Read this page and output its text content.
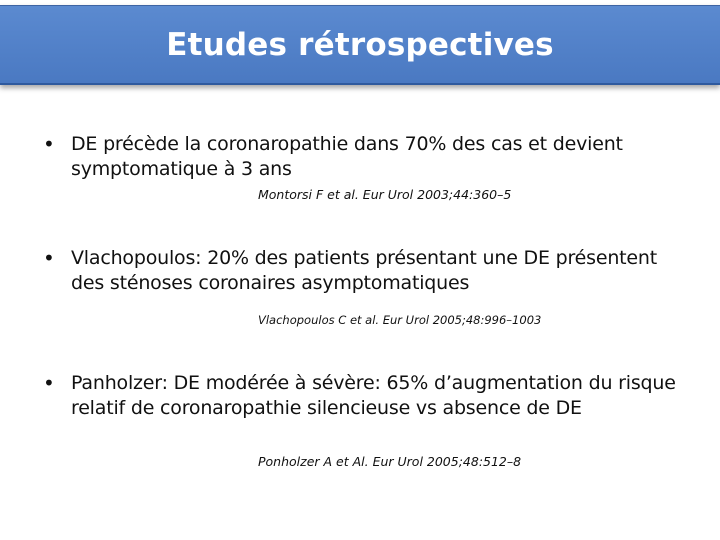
Etudes rétrospectives
• DE précède la coronaropathie dans 70% des cas et devient symptomatique à 3 ans
Montorsi F et al. Eur Urol 2003;44:360–5
• Vlachopoulos: 20% des patients présentant une DE présentent des sténoses coronaires asymptomatiques
Vlachopoulos C et al. Eur Urol 2005;48:996–1003
• Panholzer: DE modérée à sévère: 65% d’augmentation du risque relatif de coronaropathie silencieuse vs absence de DE
Ponholzer A et Al. Eur Urol 2005;48:512–8
